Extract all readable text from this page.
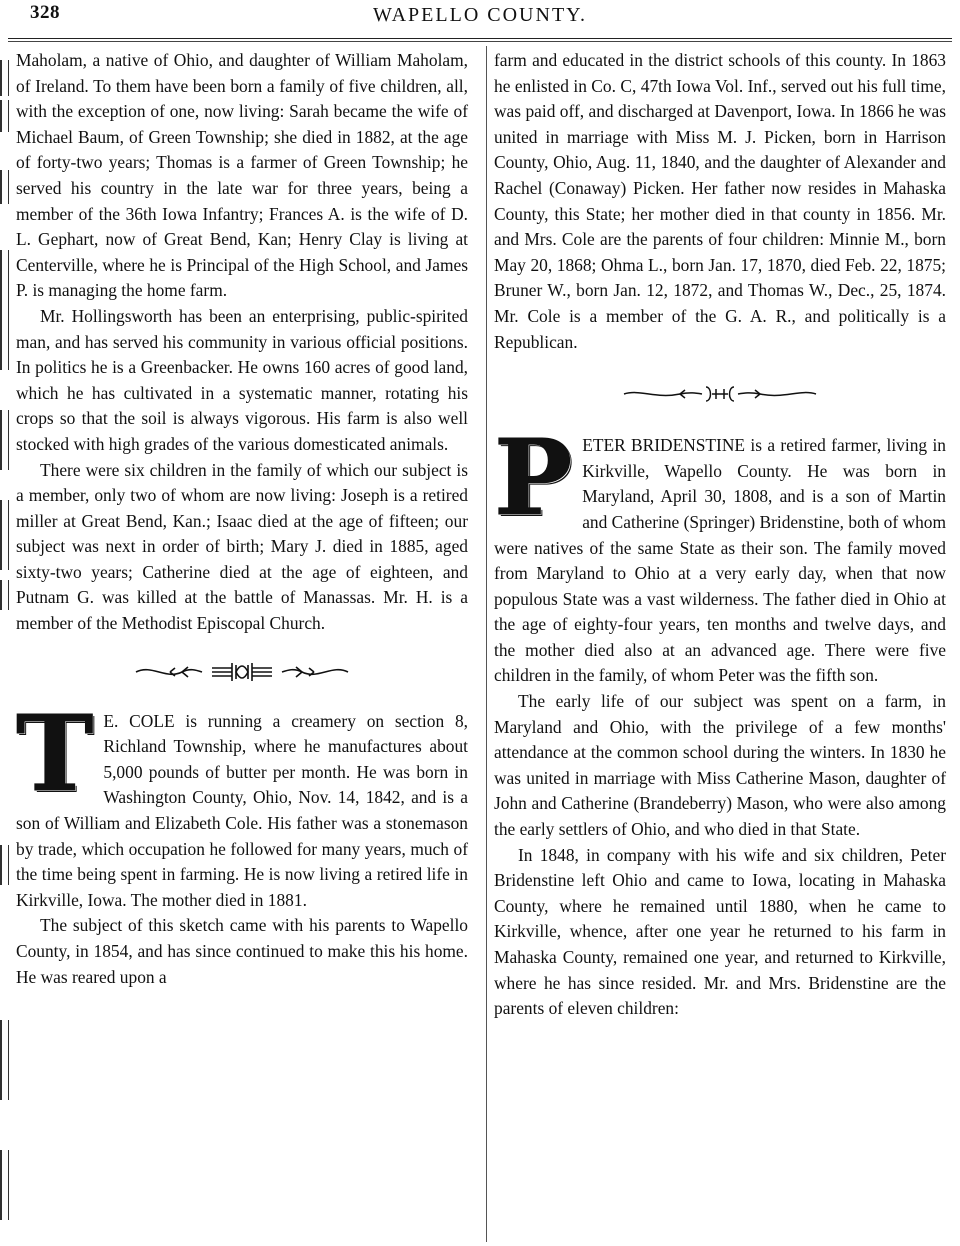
328	WAPELLO COUNTY.

Maholam, a native of Ohio, and daughter of William Maholam, of Ireland. To them have been born a family of five children, all, with the exception of one, now living: Sarah became the wife of Michael Baum, of Green Township; she died in 1882, at the age of forty-two years; Thomas is a farmer of Green Township; he served his country in the late war for three years, being a member of the 36th Iowa Infantry; Frances A. is the wife of D. L. Gephart, now of Great Bend, Kan; Henry Clay is living at Centerville, where he is Principal of the High School, and James P. is managing the home farm.

Mr. Hollingsworth has been an enterprising, public-spirited man, and has served his community in various official positions. In politics he is a Greenbacker. He owns 160 acres of good land, which he has cultivated in a systematic manner, rotating his crops so that the soil is always vigorous. His farm is also well stocked with high grades of the various domesticated animals.

There were six children in the family of which our subject is a member, only two of whom are now living: Joseph is a retired miller at Great Bend, Kan.; Isaac died at the age of fifteen; our subject was next in order of birth; Mary J. died in 1885, aged sixty-two years; Catherine died at the age of eighteen, and Putnam G. was killed at the battle of Manassas. Mr. H. is a member of the Methodist Episcopal Church.

T E. COLE is running a creamery on section 8, Richland Township, where he manufactures about 5,000 pounds of butter per month. He was born in Washington County, Ohio, Nov. 14, 1842, and is a son of William and Elizabeth Cole. His father was a stonemason by trade, which occupation he followed for many years, much of the time being spent in farming. He is now living a retired life in Kirkville, Iowa. The mother died in 1881.

The subject of this sketch came with his parents to Wapello County, in 1854, and has since continued to make this his home. He was reared upon a

farm and educated in the district schools of this county. In 1863 he enlisted in Co. C, 47th Iowa Vol. Inf., served out his full time, was paid off, and discharged at Davenport, Iowa. In 1866 he was united in marriage with Miss M. J. Picken, born in Harrison County, Ohio, Aug. 11, 1840, and the daughter of Alexander and Rachel (Conaway) Picken. Her father now resides in Mahaska County, this State; her mother died in that county in 1856. Mr. and Mrs. Cole are the parents of four children: Minnie M., born May 20, 1868; Ohma L., born Jan. 17, 1870, died Feb. 22, 1875; Bruner W., born Jan. 12, 1872, and Thomas W., Dec., 25, 1874. Mr. Cole is a member of the G. A. R., and politically is a Republican.

PETER BRIDENSTINE is a retired farmer, living in Kirkville, Wapello County. He was born in Maryland, April 30, 1808, and is a son of Martin and Catherine (Springer) Bridenstine, both of whom were natives of the same State as their son. The family moved from Maryland to Ohio at a very early day, when that now populous State was a vast wilderness. The father died in Ohio at the age of eighty-four years, ten months and twelve days, and the mother died also at an advanced age. There were five children in the family, of whom Peter was the fifth son.

The early life of our subject was spent on a farm, in Maryland and Ohio, with the privilege of a few months' attendance at the common school during the winters. In 1830 he was united in marriage with Miss Catherine Mason, daughter of John and Catherine (Brandeberry) Mason, who were also among the early settlers of Ohio, and who died in that State.

In 1848, in company with his wife and six children, Peter Bridenstine left Ohio and came to Iowa, locating in Mahaska County, where he remained until 1880, when he came to Kirkville, whence, after one year he returned to his farm in Mahaska County, remained one year, and returned to Kirkville, where he has since resided. Mr. and Mrs. Bridenstine are the parents of eleven children:
